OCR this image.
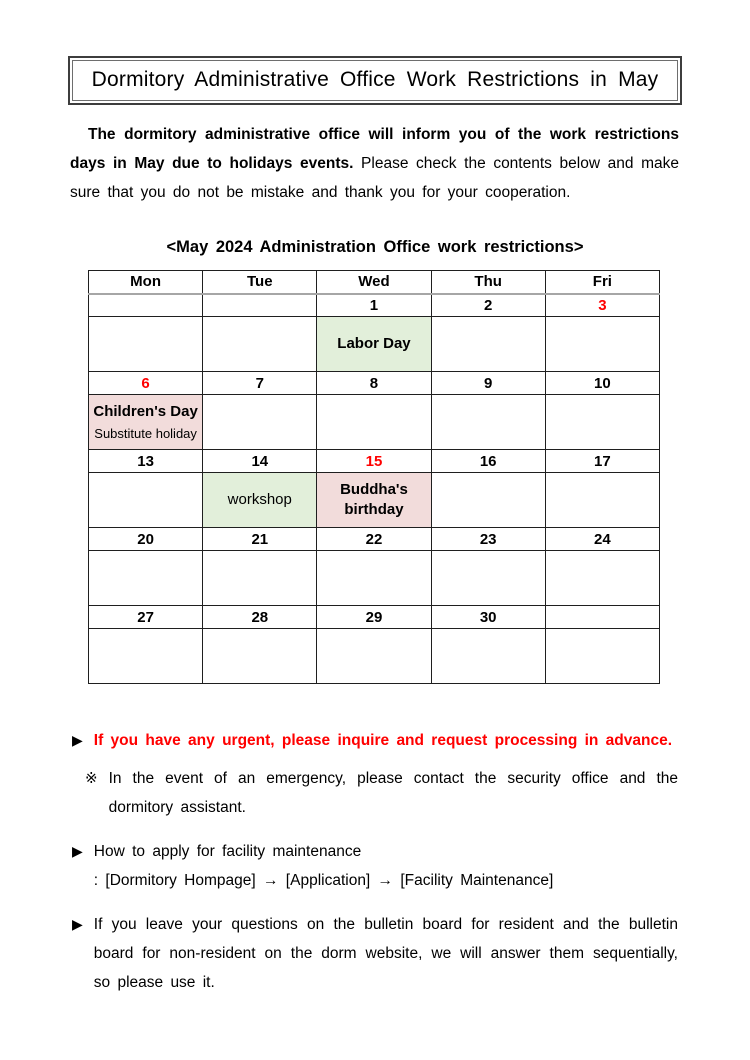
Dormitory Administrative Office Work Restrictions in May

The dormitory administrative office will inform you of the work restrictions days in May due to holidays events. Please check the contents below and make sure that you do not be mistake and thank you for your cooperation.

<May 2024 Administration Office work restrictions>
Mon	Tue	Wed	Thu	Fri
		1	2	3

		Labor Day		

6	7	8	9	10

Children's Day
Substitute holiday				

13	14	15	16	17

	workshop	Buddha's birthday		

20	21	22	23	24

27	28	29	30	

▶ If you have any urgent, please inquire and request processing in advance.
※ In the event of an emergency, please contact the security office and the dormitory assistant.
▶ How to apply for facility maintenance
: [Dormitory Hompage] → [Application] → [Facility Maintenance]
▶ If you leave your questions on the bulletin board for resident and the bulletin board for non-resident on the dorm website, we will answer them sequentially, so please use it.
